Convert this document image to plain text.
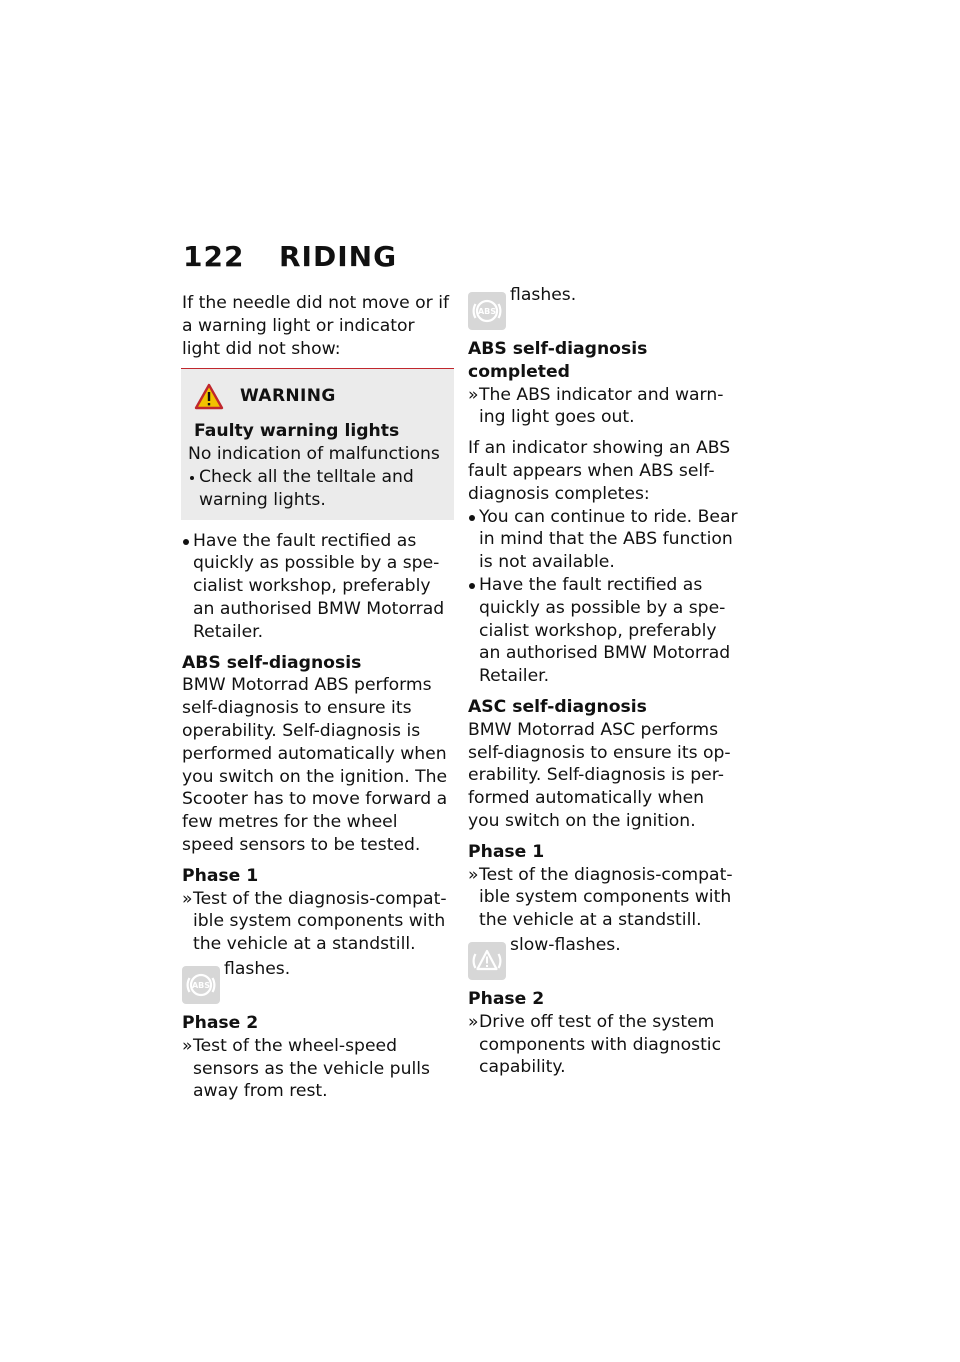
122 RIDING

If the needle did not move or if a warning light or indicator light did not show:

WARNING
Faulty warning lights
No indication of malfunctions
Check all the telltale and warning lights.
Have the fault rectified as quickly as possible by a spe-cialist workshop, preferably an authorised BMW Motorrad Retailer.
ABS self-diagnosis

BMW Motorrad ABS performs self-diagnosis to ensure its operability. Self-diagnosis is performed automatically when you switch on the ignition. The Scooter has to move forward a few metres for the wheel speed sensors to be tested.

Phase 1
» Test of the diagnosis-compat-ible system components with the vehicle at a standstill.
ABS
flashes.
Phase 2
» Test of the wheel-speed sensors as the vehicle pulls away from rest.
ABS
flashes.
ABS self-diagnosis completed
» The ABS indicator and warn-ing light goes out.

If an indicator showing an ABS fault appears when ABS self-diagnosis completes:

You can continue to ride. Bear in mind that the ABS function is not available.
Have the fault rectified as quickly as possible by a spe-cialist workshop, preferably an authorised BMW Motorrad Retailer.
ASC self-diagnosis

BMW Motorrad ASC performs self-diagnosis to ensure its op-erability. Self-diagnosis is per-formed automatically when you switch on the ignition.

Phase 1
» Test of the diagnosis-compat-ible system components with the vehicle at a standstill.
slow-flashes.
Phase 2
» Drive off test of the system components with diagnostic capability.
